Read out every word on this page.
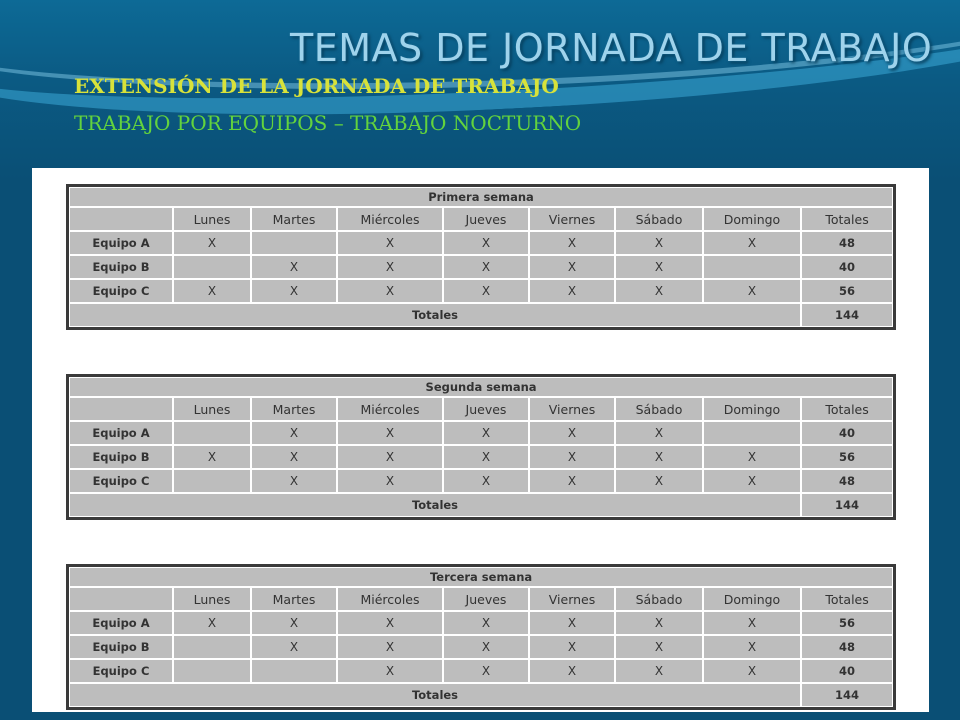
TEMAS DE JORNADA DE TRABAJO
EXTENSIÓN DE LA JORNADA DE TRABAJO
TRABAJO POR EQUIPOS – TRABAJO NOCTURNO
Primera semana								
	Lunes	Martes	Miércoles	Jueves	Viernes	Sábado	Domingo	Totales
Equipo A	X		X	X	X	X	X	48
Equipo B		X	X	X	X	X		40
Equipo C	X	X	X	X	X	X	X	56
Totales								144
Segunda semana								
	Lunes	Martes	Miércoles	Jueves	Viernes	Sábado	Domingo	Totales
Equipo A		X	X	X	X	X		40
Equipo B	X	X	X	X	X	X	X	56
Equipo C		X	X	X	X	X	X	48
Totales								144
Tercera semana								
	Lunes	Martes	Miércoles	Jueves	Viernes	Sábado	Domingo	Totales
Equipo A	X	X	X	X	X	X	X	56
Equipo B		X	X	X	X	X	X	48
Equipo C			X	X	X	X	X	40
Totales								144
